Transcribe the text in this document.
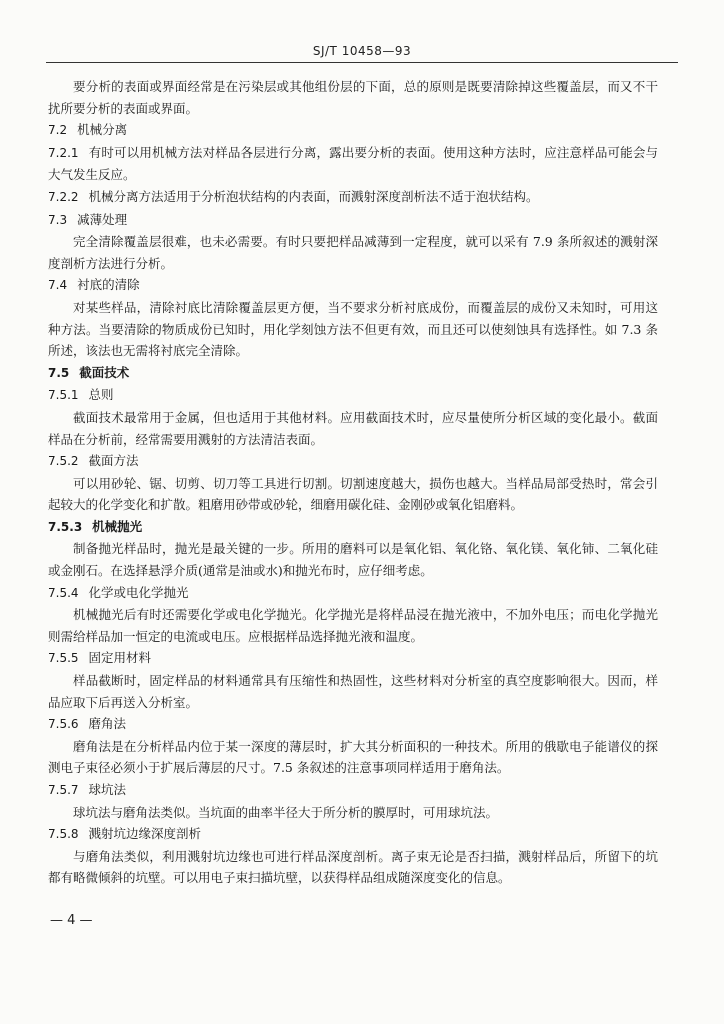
SJ/T 10458—93

要分析的表面或界面经常是在污染层或其他组份层的下面，总的原则是既要清除掉这些覆盖层，而又不干扰所要分析的表面或界面。

7.2 机械分离

7.2.1 有时可以用机械方法对样品各层进行分离，露出要分析的表面。使用这种方法时，应注意样品可能会与大气发生反应。

7.2.2 机械分离方法适用于分析泡状结构的内表面，而溅射深度剖析法不适于泡状结构。

7.3 减薄处理

完全清除覆盖层很难，也未必需要。有时只要把样品减薄到一定程度，就可以采有 7.9 条所叙述的溅射深度剖析方法进行分析。

7.4 衬底的清除

对某些样品，清除衬底比清除覆盖层更方便，当不要求分析衬底成份，而覆盖层的成份又未知时，可用这种方法。当要清除的物质成份已知时，用化学刻蚀方法不但更有效，而且还可以使刻蚀具有选择性。如 7.3 条所述，该法也无需将衬底完全清除。

7.5 截面技术

7.5.1 总则

截面技术最常用于金属，但也适用于其他材料。应用截面技术时，应尽量使所分析区域的变化最小。截面样品在分析前，经常需要用溅射的方法清洁表面。

7.5.2 截面方法

可以用砂轮、锯、切剪、切刀等工具进行切割。切割速度越大，损伤也越大。当样品局部受热时，常会引起较大的化学变化和扩散。粗磨用砂带或砂轮，细磨用碳化硅、金刚砂或氧化铝磨料。

7.5.3 机械抛光

制备抛光样品时，抛光是最关键的一步。所用的磨料可以是氧化铝、氧化铬、氧化镁、氧化铈、二氧化硅或金刚石。在选择悬浮介质(通常是油或水)和抛光布时，应仔细考虑。

7.5.4 化学或电化学抛光

机械抛光后有时还需要化学或电化学抛光。化学抛光是将样品浸在抛光液中，不加外电压；而电化学抛光则需给样品加一恒定的电流或电压。应根据样品选择抛光液和温度。

7.5.5 固定用材料

样品截断时，固定样品的材料通常具有压缩性和热固性，这些材料对分析室的真空度影响很大。因而，样品应取下后再送入分析室。

7.5.6 磨角法

磨角法是在分析样品内位于某一深度的薄层时，扩大其分析面积的一种技术。所用的俄歇电子能谱仪的探测电子束径必须小于扩展后薄层的尺寸。7.5 条叙述的注意事项同样适用于磨角法。

7.5.7 球坑法

球坑法与磨角法类似。当坑面的曲率半径大于所分析的膜厚时，可用球坑法。

7.5.8 溅射坑边缘深度剖析

与磨角法类似，利用溅射坑边缘也可进行样品深度剖析。离子束无论是否扫描，溅射样品后，所留下的坑都有略微倾斜的坑壁。可以用电子束扫描坑壁，以获得样品组成随深度变化的信息。

— 4 —
